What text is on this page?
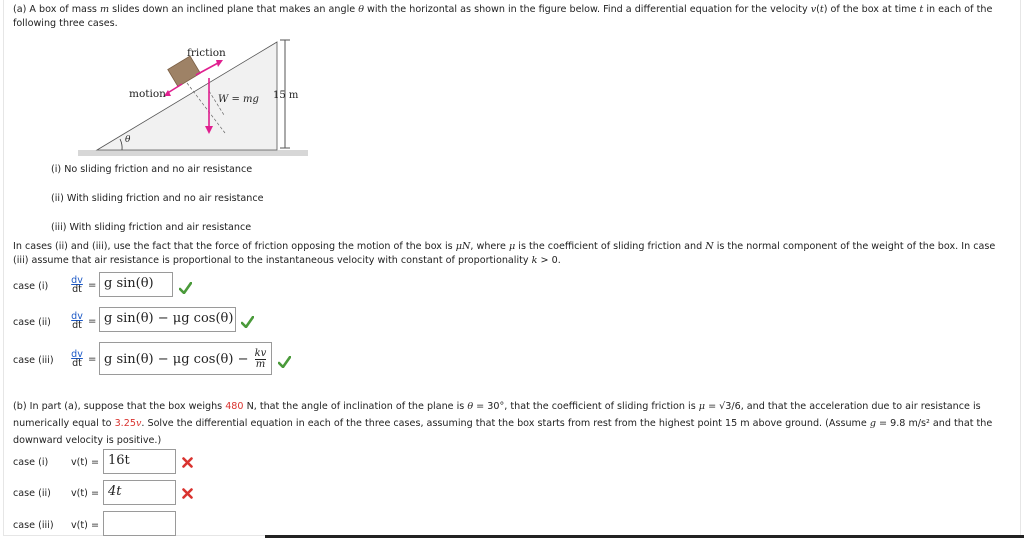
(a) A box of mass m slides down an inclined plane that makes an angle θ with the horizontal as shown in the figure below. Find a differential equation for the velocity v(t) of the box at time t in each of the following three cases.
friction
motion	W = mg 15 m
θ
(i) No sliding friction and no air resistance
(ii) With sliding friction and no air resistance
(iii) With sliding friction and air resistance
In cases (ii) and (iii), use the fact that the force of friction opposing the motion of the box is μN, where μ is the coefficient of sliding friction and N is the normal component of the weight of the box. In case (iii) assume that air resistance is proportional to the instantaneous velocity with constant of proportionality k > 0.
case $(i) \frac{dv}{dt} = g$ sin(θ)
case $(ii) \frac{dv}{dt} = g$ sin(θ) − μg cos(θ)
case $(iii) \frac{dv}{dt} = g$ sin(θ) − μg $\cos(\theta) - \frac{kv}{m}$
(b) In part (a), suppose that the box weighs 480 N, that the angle of inclination of the plane is θ = 30°, that the coefficient of sliding friction is μ = √3/6, and that the acceleration due to air resistance is numerically equal to 3.25v. Solve the differential equation in each of the three cases, assuming that the box starts from rest from the highest point 15 m above ground. (Assume g = 9.8 m/s² and that the downward velocity is positive.)
case (i) v(t) = 16t
case (ii) v(t) = 4t
case (iii) v(t) =
